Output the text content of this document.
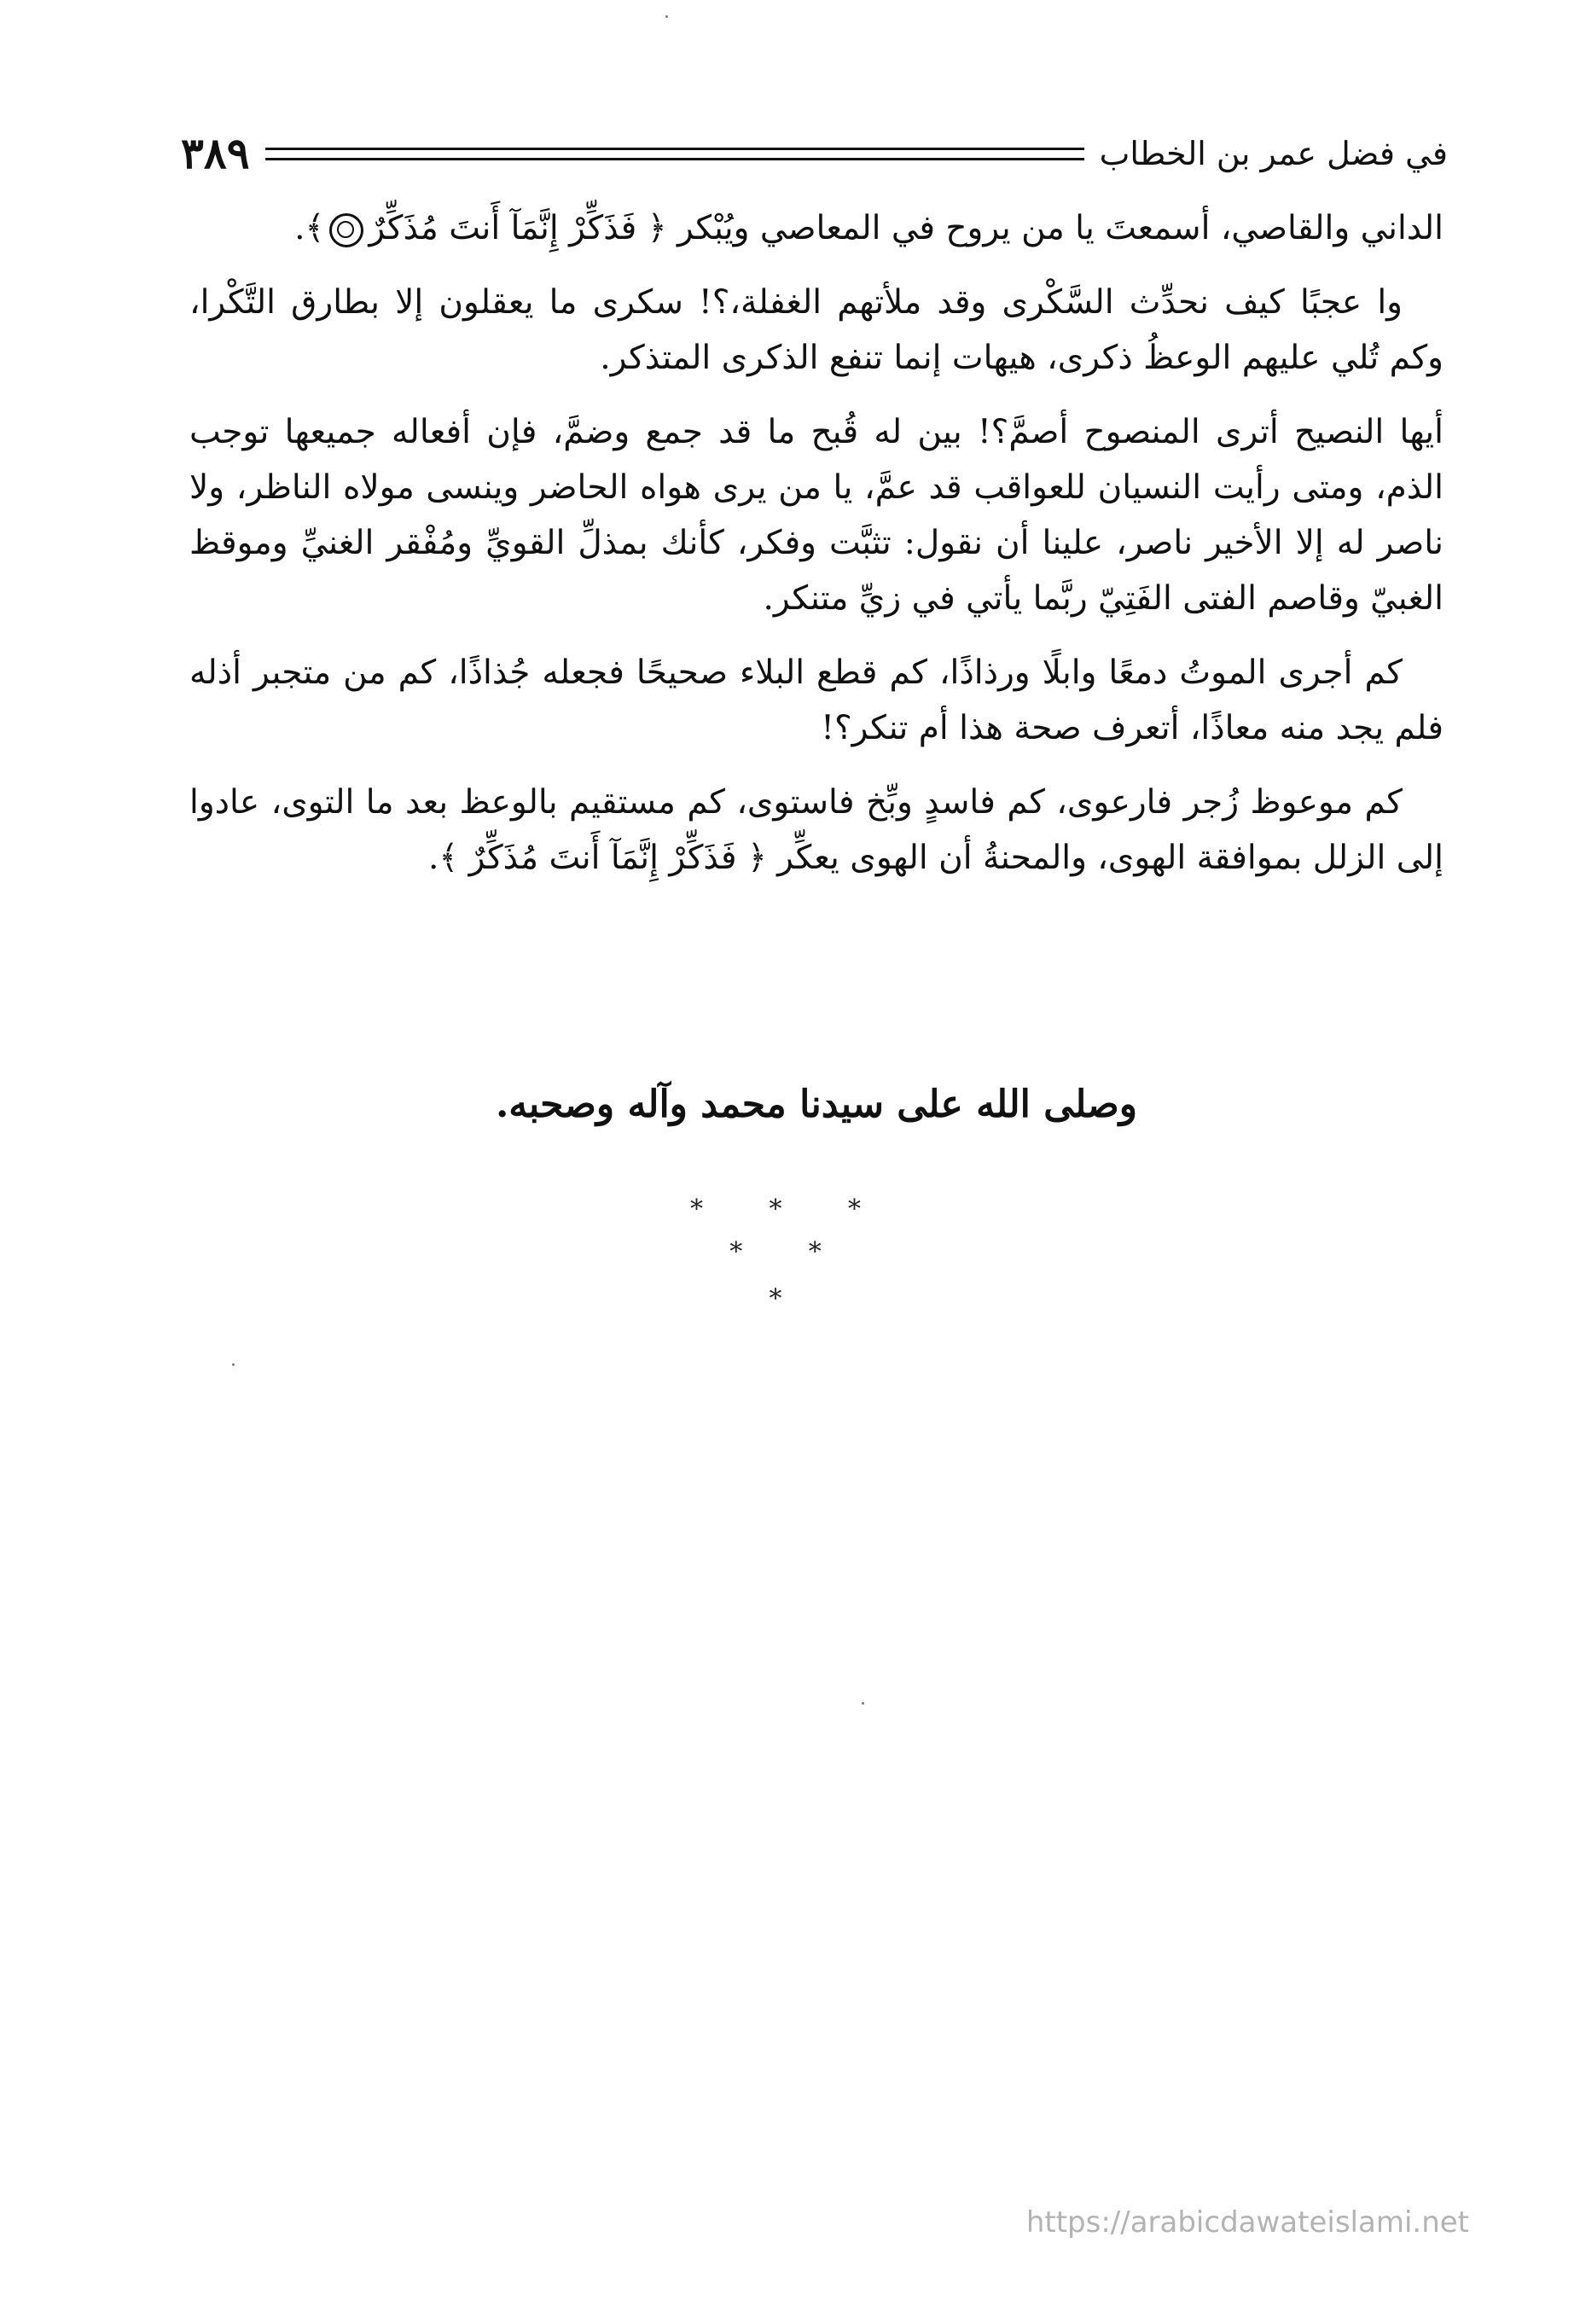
٣٨٩	في فضل عمر بن الخطاب

الداني والقاصي، أسمعتَ يا من يروح في المعاصي ويُبْكر ﴿ فَذَكِّرْ إِنَّمَآ أَنتَ مُذَكِّرٌ﴾.

وا عجبًا كيف نحدِّث السَّكْرى وقد ملأتهم الغفلة،؟! سكرى ما يعقلون إلا بطارق التَّكْرا، وكم تُلي عليهم الوعظُ ذكرى، هيهات إنما تنفع الذكرى المتذكر.

أيها النصيح أترى المنصوح أصمَّ؟! بين له قُبح ما قد جمع وضمَّ، فإن أفعاله جميعها توجب الذم، ومتى رأيت النسيان للعواقب قد عمَّ، يا من يرى هواه الحاضر وينسى مولاه الناظر، ولا ناصر له إلا الأخير ناصر، علينا أن نقول: تثبَّت وفكر، كأنك بمذلِّ القويِّ ومُفْقر الغنيِّ وموقظ الغبيّ وقاصم الفتى الفَتِيّ ربَّما يأتي في زيِّ متنكر.

كم أجرى الموتُ دمعًا وابلًا ورذاذًا، كم قطع البلاء صحيحًا فجعله جُذاذًا، كم من متجبر أذله فلم يجد منه معاذًا، أتعرف صحة هذا أم تنكر؟!

كم موعوظ زُجر فارعوى، كم فاسدٍ وبِّخ فاستوى، كم مستقيم بالوعظ بعد ما التوى، عادوا إلى الزلل بموافقة الهوى، والمحنةُ أن الهوى يعكِّر ﴿ فَذَكِّرْ إِنَّمَآ أَنتَ مُذَكِّرٌ ﴾.

وصلى الله على سيدنا محمد وآله وصحبه.
* * *
* *
*
https://arabicdawateislami.net
